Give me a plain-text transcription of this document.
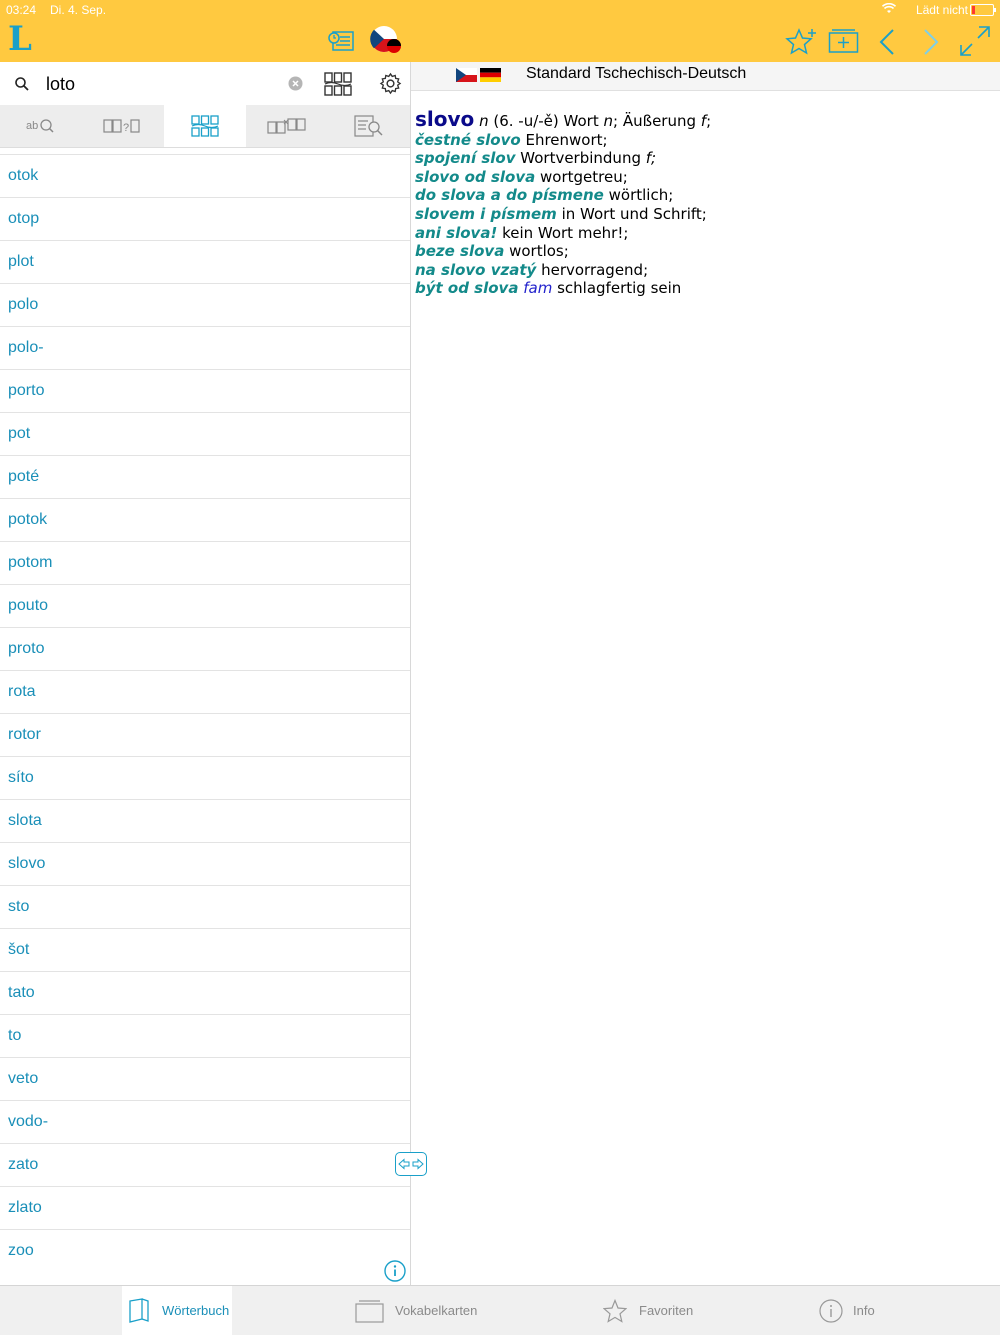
03:24 Di. 4. Sep.	Lädt nicht
L
loto
ab	?
otok
otop
plot
polo
polo-
porto
pot
poté
potok
potom
pouto
proto
rota
rotor
síto
slota
slovo
sto
šot
tato
to
veto
vodo-
zato
zlato
zoo
Standard Tschechisch-Deutsch
slovo n (6. -u/-ě) Wort n; Äußerung f;
čestné slovo Ehrenwort;
spojení slov Wortverbindung f;
slovo od slova wortgetreu;
do slova a do písmene wörtlich;
slovem i písmem in Wort und Schrift;
ani slova! kein Wort mehr!;
beze slova wortlos;
na slovo vzatý hervorragend;
být od slova fam schlagfertig sein
Wörterbuch	Vokabelkarten	Favoriten	Info
